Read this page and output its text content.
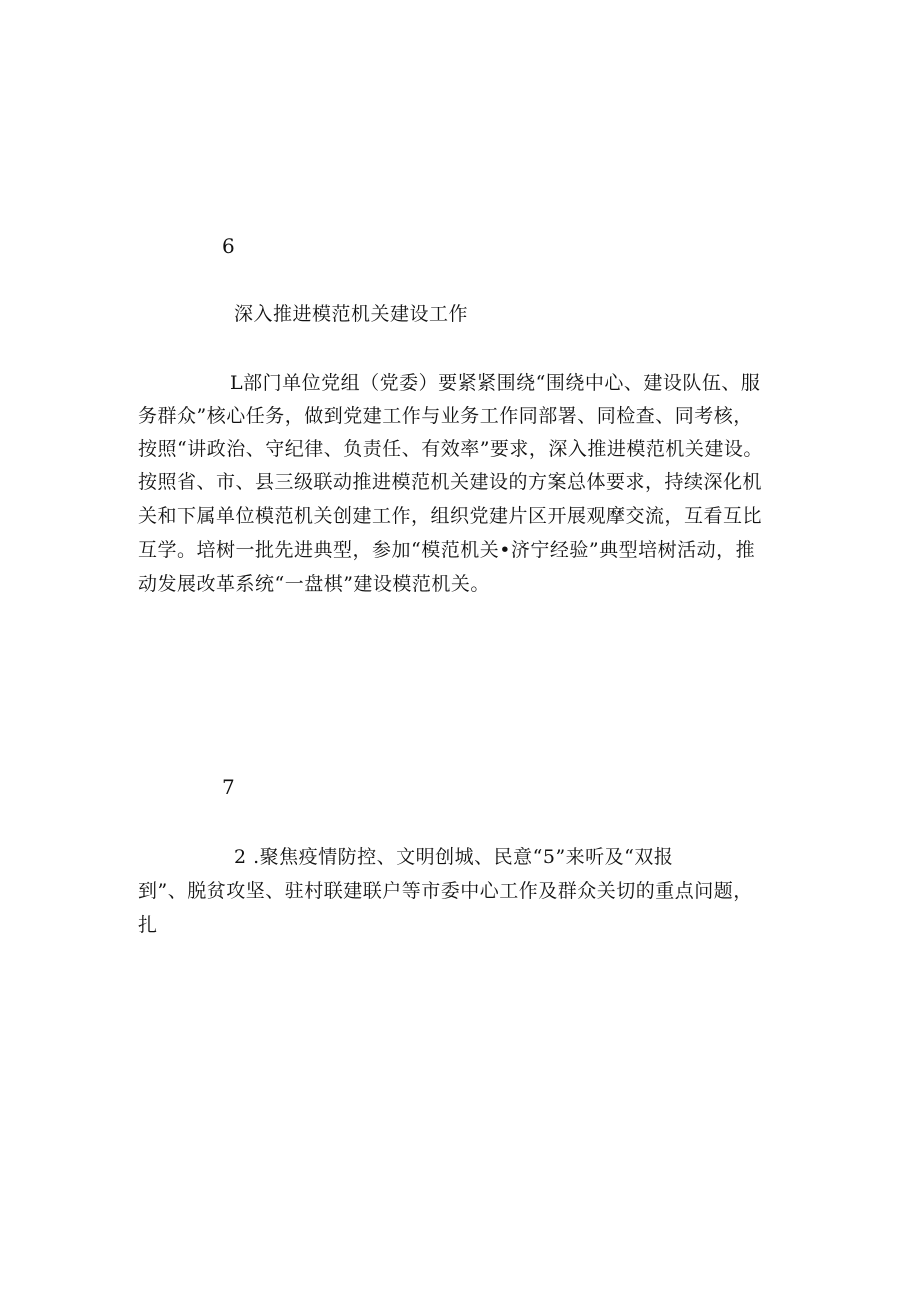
6
深入推进模范机关建设工作
L部门单位党组（党委）要紧紧围绕“围绕中心、建设队伍、服
务群众”核心任务，做到党建工作与业务工作同部署、同检查、同考核，
按照“讲政治、守纪律、负责任、有效率”要求，深入推进模范机关建设。
按照省、市、县三级联动推进模范机关建设的方案总体要求，持续深化机
关和下属单位模范机关创建工作，组织党建片区开展观摩交流，互看互比
互学。培树一批先进典型，参加“模范机关•济宁经验”典型培树活动，推
动发展改革系统“一盘棋”建设模范机关。
7
2 .聚焦疫情防控、文明创城、民意“5”来听及“双报
到”、脱贫攻坚、驻村联建联户等市委中心工作及群众关切的重点问题，
扎
